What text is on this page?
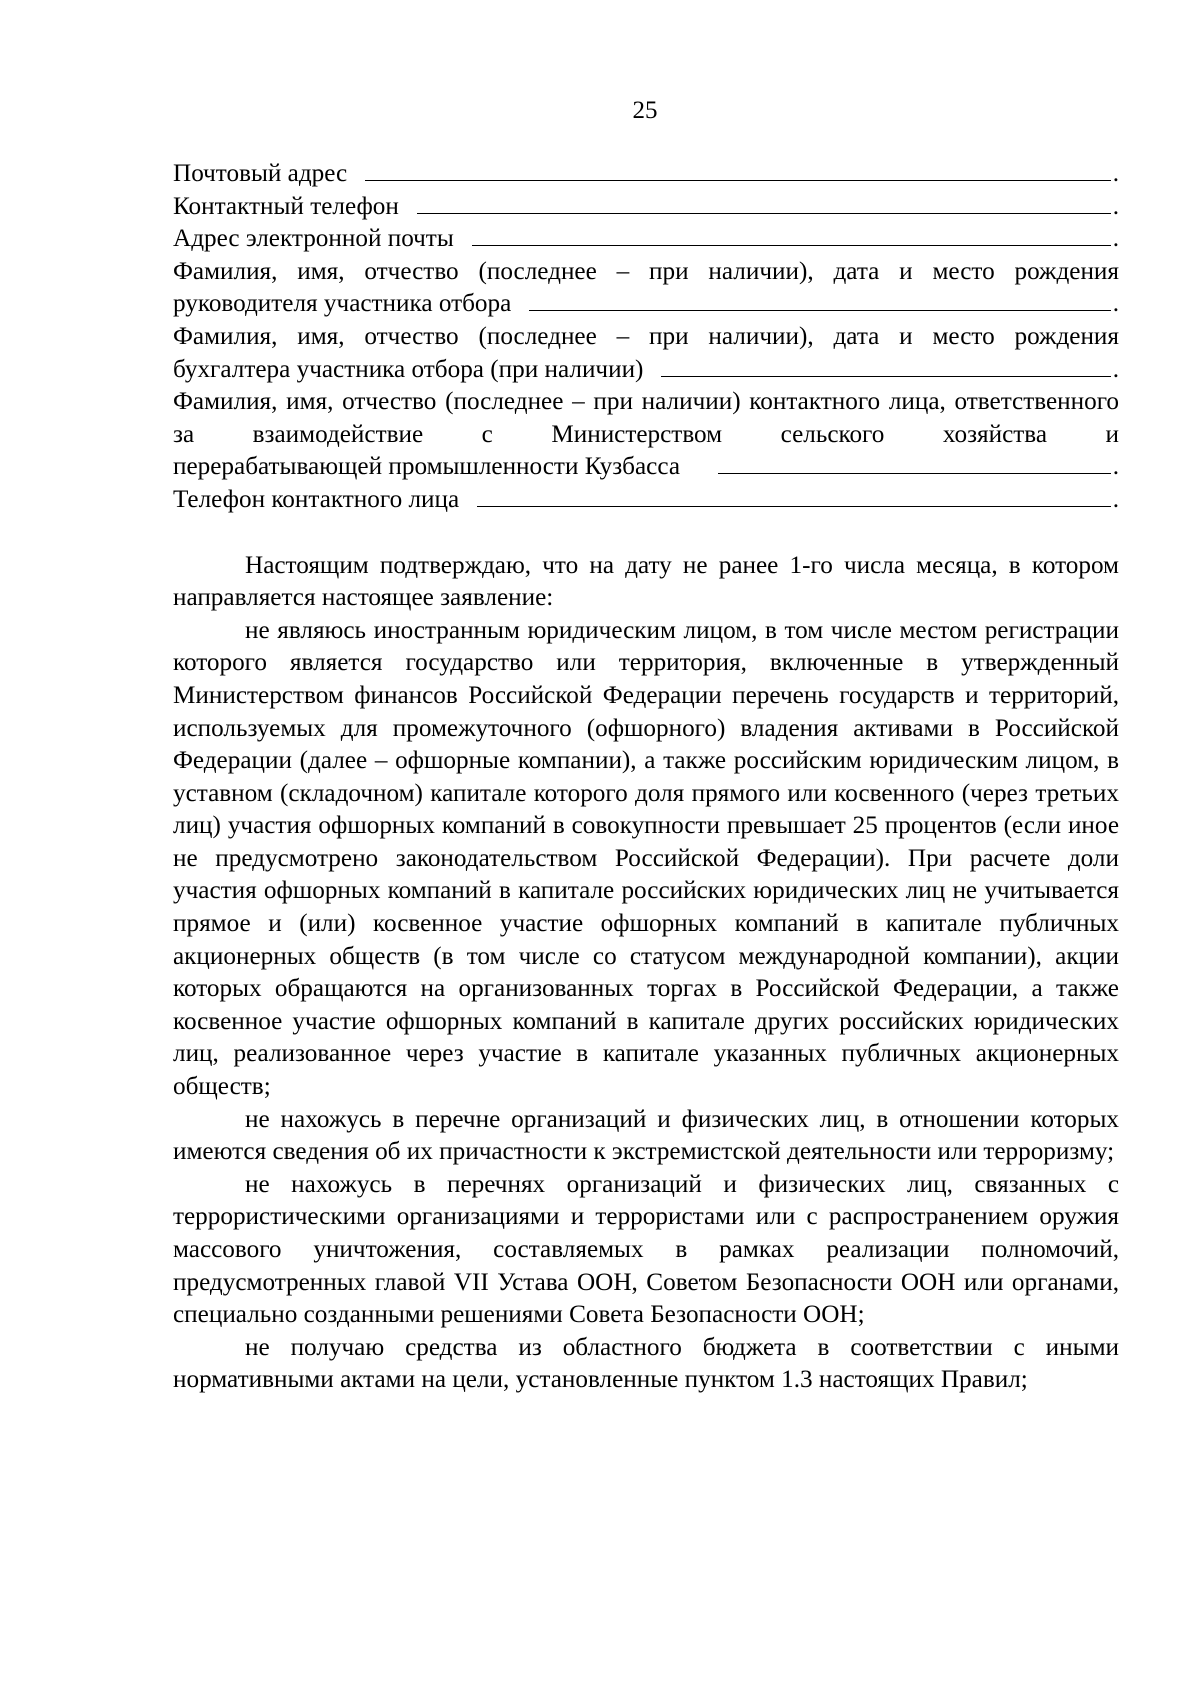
25
Почтовый адрес	.
Контактный телефон	.
Адрес электронной почты	.
Фамилия, имя, отчество (последнее – при наличии), дата и место рождения
руководителя участника отбора	.
Фамилия, имя, отчество (последнее – при наличии), дата и место рождения
бухгалтера участника отбора (при наличии)	.
Фамилия, имя, отчество (последнее – при наличии) контактного лица, ответственного за взаимодействие с Министерством сельского хозяйства и
перерабатывающей промышленности Кузбасса	.
Телефон контактного лица	.

Настоящим подтверждаю, что на дату не ранее 1-го числа месяца, в котором направляется настоящее заявление:

не являюсь иностранным юридическим лицом, в том числе местом регистрации которого является государство или территория, включенные в утвержденный Министерством финансов Российской Федерации перечень государств и территорий, используемых для промежуточного (офшорного) владения активами в Российской Федерации (далее – офшорные компании), а также российским юридическим лицом, в уставном (складочном) капитале которого доля прямого или косвенного (через третьих лиц) участия офшорных компаний в совокупности превышает 25 процентов (если иное не предусмотрено законодательством Российской Федерации). При расчете доли участия офшорных компаний в капитале российских юридических лиц не учитывается прямое и (или) косвенное участие офшорных компаний в капитале публичных акционерных обществ (в том числе со статусом международной компании), акции которых обращаются на организованных торгах в Российской Федерации, а также косвенное участие офшорных компаний в капитале других российских юридических лиц, реализованное через участие в капитале указанных публичных акционерных обществ;

не нахожусь в перечне организаций и физических лиц, в отношении которых имеются сведения об их причастности к экстремистской деятельности или терроризму;

не нахожусь в перечнях организаций и физических лиц, связанных с террористическими организациями и террористами или с распространением оружия массового уничтожения, составляемых в рамках реализации полномочий, предусмотренных главой VII Устава ООН, Советом Безопасности ООН или органами, специально созданными решениями Совета Безопасности ООН;

не получаю средства из областного бюджета в соответствии с иными нормативными актами на цели, установленные пунктом 1.3 настоящих Правил;
